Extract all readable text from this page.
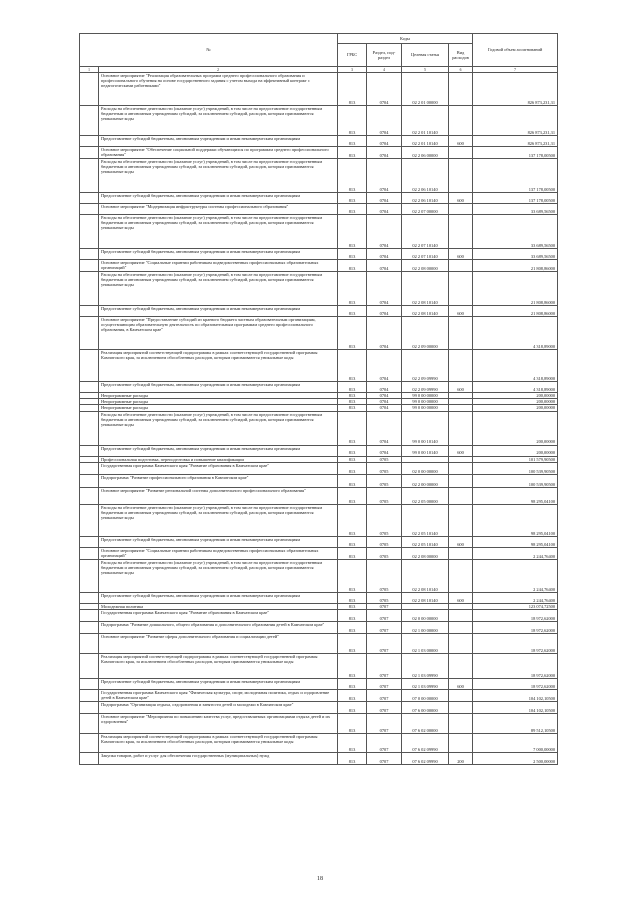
№		Коды				Годовой объем ассигнований
		ГРБС	Раздел, под-раздел	Целевая статья	Вид расходов	
1	2	3	4	5	6	7
	Основное мероприятие "Реализация образовательных программ среднего профессионального образования и профессионального обучения на основе государственного задания с учетом выхода на эффективный контракт с педагогическими работниками"	813	0704	02 2 01 00000		826 873,231,31
	Расходы на обеспечение деятельности (оказание услуг) учреждений, в том числе на предоставление государственным бюджетным и автономным учреждениям субсидий, за исключением субсидий, расходов, которым присваиваются уникальные коды	813	0704	02 2 01 10140		826 873,231,31
	Предоставление субсидий бюджетным, автономным учреждениям и иным некоммерческим организациям	813	0704	02 2 01 10140	600	826 873,231,31
	Основное мероприятие "Обеспечение социальной поддержки обучающихся по программам среднего профессионального образования"	813	0704	02 2 06 00000		137 178,00500
	Расходы на обеспечение деятельности (оказание услуг) учреждений, в том числе на предоставление государственным бюджетным и автономным учреждениям субсидий, за исключением субсидий, расходов, которым присваиваются уникальные коды	813	0704	02 2 06 10140		137 178,00500
	Предоставление субсидий бюджетным, автономным учреждениям и иным некоммерческим организациям	813	0704	02 2 06 10140	600	137 178,00500
	Основное мероприятие "Модернизация инфраструктуры системы профессионального образования"	813	0704	02 2 07 00000		33 689,56500
	Расходы на обеспечение деятельности (оказание услуг) учреждений, в том числе на предоставление государственным бюджетным и автономным учреждениям субсидий, за исключением субсидий, расходов, которым присваиваются уникальные коды	813	0704	02 2 07 10140		33 689,56500
	Предоставление субсидий бюджетным, автономным учреждениям и иным некоммерческим организациям	813	0704	02 2 07 10140	600	33 689,56500
	Основное мероприятие "Социальные гарантии работникам подведомственных профессиональных образовательных организаций"	813	0704	02 2 08 00000		21 808,86000
	Расходы на обеспечение деятельности (оказание услуг) учреждений, в том числе на предоставление государственным бюджетным и автономным учреждениям субсидий, за исключением субсидий, расходов, которым присваиваются уникальные коды	813	0704	02 2 08 10140		21 808,86000
	Предоставление субсидий бюджетным, автономным учреждениям и иным некоммерческим организациям	813	0704	02 2 08 10140	600	21 808,86000
	Основное мероприятие "Предоставление субсидий из краевого бюджета частным образовательным организациям, осуществляющим образовательную деятельность по образовательным программам среднего профессионального образования, в Камчатском крае"	813	0704	02 2 09 00000		4 318,89000
	Реализация мероприятий соответствующей подпрограммы в рамках соответствующей государственной программы Камчатского края, за исключением обособленных расходов, которым присваиваются уникальные коды	813	0704	02 2 09 09990		4 318,89000
	Предоставление субсидий бюджетным, автономным учреждениям и иным некоммерческим организациям	813	0704	02 2 09 09990	600	4 318,89000
	Непрограммные расходы	813	0704	99 0 00 00000		200,00000
	Непрограммные расходы	813	0704	99 0 00 00000		200,00000
	Непрограммные расходы	813	0704	99 0 00 00000		200,00000
	Расходы на обеспечение деятельности (оказание услуг) учреждений, в том числе на предоставление государственным бюджетным и автономным учреждениям субсидий, за исключением субсидий, расходов, которым присваиваются уникальные коды	813	0704	99 0 00 10140		200,00000
	Предоставление субсидий бюджетным, автономным учреждениям и иным некоммерческим организациям	813	0704	99 0 00 10140	600	200,00000
	Профессиональная подготовка, переподготовка и повышение квалификации	813	0705			101 579,90500
	Государственная программа Камчатского края "Развитие образования в Камчатском крае"	813	0705	02 0 00 00000		100 539,90500
	Подпрограмма "Развитие профессионального образования в Камчатском крае"	813	0705	02 2 00 00000		100 539,90500
	Основное мероприятие "Развитие региональной системы дополнительного профессионального образования"	813	0705	02 2 05 00000		98 295,04100
	Расходы на обеспечение деятельности (оказание услуг) учреждений, в том числе на предоставление государственным бюджетным и автономным учреждениям субсидий, за исключением субсидий, расходов, которым присваиваются уникальные коды	813	0705	02 2 05 10140		98 295,04100
	Предоставление субсидий бюджетным, автономным учреждениям и иным некоммерческим организациям	813	0705	02 2 05 10140	600	98 295,04100
	Основное мероприятие "Социальные гарантии работникам подведомственных профессиональных образовательных организаций"	813	0705	02 2 08 00000		2 244,76400
	Расходы на обеспечение деятельности (оказание услуг) учреждений, в том числе на предоставление государственным бюджетным и автономным учреждениям субсидий, за исключением субсидий, расходов, которым присваиваются уникальные коды	813	0705	02 2 08 10140		2 244,76400
	Предоставление субсидий бюджетным, автономным учреждениям и иным некоммерческим организациям	813	0705	02 2 08 10140	600	2 244,76400
	Молодежная политика	813	0707			123 074,72500
	Государственная программа Камчатского края "Развитие образования в Камчатском крае"	813	0707	02 0 00 00000		18 972,62000
	Подпрограмма "Развитие дошкольного, общего образования и дополнительного образования детей в Камчатском крае"	813	0707	02 1 00 00000		18 972,62000
	Основное мероприятие "Развитие сферы дополнительного образования и социализации детей"	813	0707	02 1 03 00000		18 972,62000
	Реализация мероприятий соответствующей подпрограммы в рамках соответствующей государственной программы Камчатского края, за исключением обособленных расходов, которым присваиваются уникальные коды	813	0707	02 1 03 09990		18 972,62000
	Предоставление субсидий бюджетным, автономным учреждениям и иным некоммерческим организациям	813	0707	02 1 03 09990	600	18 972,62000
	Государственная программа Камчатского края "Физическая культура, спорт, молодежная политика, отдых и оздоровление детей в Камчатском крае"	813	0707	07 0 00 00000		104 102,10500
	Подпрограмма "Организация отдыха, оздоровления и занятости детей и молодежи в Камчатском крае"	813	0707	07 6 00 00000		104 102,10500
	Основное мероприятие "Мероприятия по повышению качества услуг, предоставляемых организациями отдыха детей и их оздоровления"	813	0707	07 6 02 00000		89 512,10500
	Реализация мероприятий соответствующей подпрограммы в рамках соответствующей государственной программы Камчатского края, за исключением обособленных расходов, которым присваиваются уникальные коды	813	0707	07 6 02 09990		7 000,00000
	Закупка товаров, работ и услуг для обеспечения государственных (муниципальных) нужд	813	0707	07 6 02 09990	200	2 500,00000
18
